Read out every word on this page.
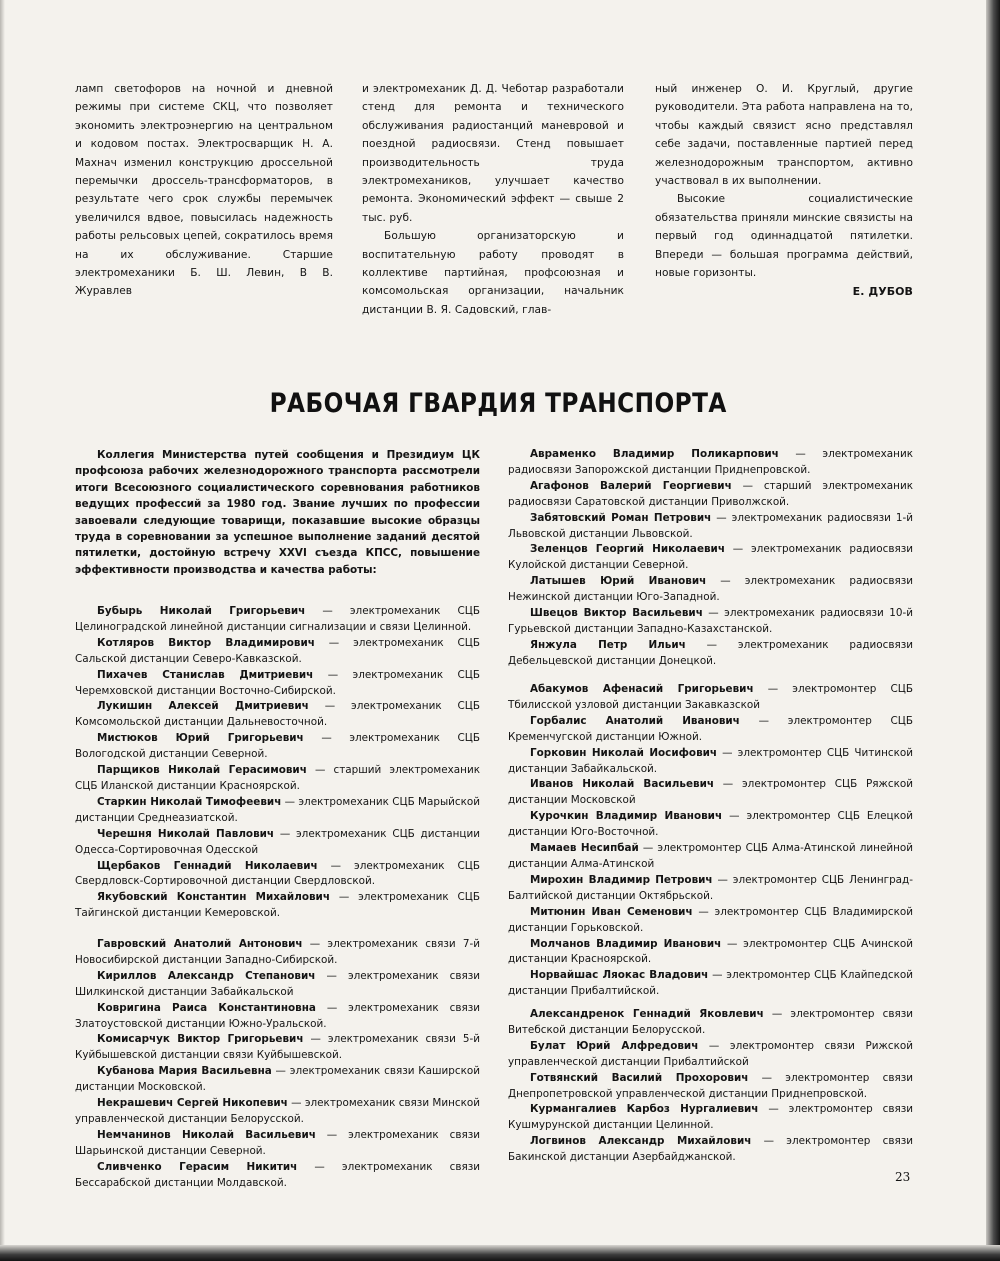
ламп светофоров на ночной и дневной режимы при системе СКЦ, что позволяет экономить электроэнергию на центральном и кодовом постах. Электросварщик Н. А. Махнач изменил конструкцию дроссельной перемычки дроссель-трансформаторов, в результате чего срок службы перемычек увеличился вдвое, повысилась надежность работы рельсовых цепей, сократилось время на их обслуживание. Старшие электромеханики Б. Ш. Левин, В В. Журавлев

и электромеханик Д. Д. Чеботар разработали стенд для ремонта и технического обслуживания радиостанций маневровой и поездной радиосвязи. Стенд повышает производительность труда электромехаников, улучшает качество ремонта. Экономический эффект — свыше 2 тыс. руб.

Большую организаторскую и воспитательную работу проводят в коллективе партийная, профсоюзная и комсомольская организации, начальник дистанции В. Я. Садовский, глав-

ный инженер О. И. Круглый, другие руководители. Эта работа направлена на то, чтобы каждый связист ясно представлял себе задачи, поставленные партией перед железнодорожным транспортом, активно участвовал в их выполнении.

Высокие социалистические обязательства приняли минские связисты на первый год одиннадцатой пятилетки. Впереди — большая программа действий, новые горизонты.

Е. ДУБОВ
РАБОЧАЯ ГВАРДИЯ ТРАНСПОРТА

Коллегия Министерства путей сообщения и Президиум ЦК профсоюза рабочих железнодорожного транспорта рассмотрели итоги Всесоюзного социалистического соревнования работников ведущих профессий за 1980 год. Звание лучших по профессии завоевали следующие товарищи, показавшие высокие образцы труда в соревновании за успешное выполнение заданий десятой пятилетки, достойную встречу XXVI съезда КПСС, повышение эффективности производства и качества работы:

Бубырь Николай Григорьевич — электромеханик СЦБ Целиноградской линейной дистанции сигнализации и связи Целинной.

Котляров Виктор Владимирович — электромеханик СЦБ Сальской дистанции Северо-Кавказской.

Пихачев Станислав Дмитриевич — электромеханик СЦБ Черемховской дистанции Восточно-Сибирской.

Лукишин Алексей Дмитриевич — электромеханик СЦБ Комсомольской дистанции Дальневосточной.

Мистюков Юрий Григорьевич — электромеханик СЦБ Вологодской дистанции Северной.

Парщиков Николай Герасимович — старший электромеханик СЦБ Иланской дистанции Красноярской.

Старкин Николай Тимофеевич — электромеханик СЦБ Марыйской дистанции Среднеазиатской.

Черешня Николай Павлович — электромеханик СЦБ дистанции Одесса-Сортировочная Одесской

Щербаков Геннадий Николаевич — электромеханик СЦБ Свердловск-Сортировочной дистанции Свердловской.

Якубовский Константин Михайлович — электромеханик СЦБ Тайгинской дистанции Кемеровской.

Гавровский Анатолий Антонович — электромеханик связи 7-й Новосибирской дистанции Западно-Сибирской.

Кириллов Александр Степанович — электромеханик связи Шилкинской дистанции Забайкальской

Ковригина Раиса Константиновна — электромеханик связи Златоустовской дистанции Южно-Уральской.

Комисарчук Виктор Григорьевич — электромеханик связи 5-й Куйбышевской дистанции связи Куйбышевской.

Кубанова Мария Васильевна — электромеханик связи Каширской дистанции Московской.

Некрашевич Сергей Никопевич — электромеханик связи Минской управленческой дистанции Белорусской.

Немчанинов Николай Васильевич — электромеханик связи Шарьинской дистанции Северной.

Сливченко Герасим Никитич — электромеханик связи Бессарабской дистанции Молдавской.

Авраменко Владимир Поликарпович — электромеханик радиосвязи Запорожской дистанции Приднепровской.

Агафонов Валерий Георгиевич — старший электромеханик радиосвязи Саратовской дистанции Приволжской.

Забятовский Роман Петрович — электромеханик радиосвязи 1-й Львовской дистанции Львовской.

Зеленцов Георгий Николаевич — электромеханик радиосвязи Кулойской дистанции Северной.

Латышев Юрий Иванович — электромеханик радиосвязи Нежинской дистанции Юго-Западной.

Швецов Виктор Васильевич — электромеханик радиосвязи 10-й Гурьевской дистанции Западно-Казахстанской.

Янжула Петр Ильич — электромеханик радиосвязи Дебельцевской дистанции Донецкой.

Абакумов Афенасий Григорьевич — электромонтер СЦБ Тбилисской узловой дистанции Закавказской

Горбалис Анатолий Иванович — электромонтер СЦБ Кременчугской дистанции Южной.

Горковин Николай Иосифович — электромонтер СЦБ Читинской дистанции Забайкальской.

Иванов Николай Васильевич — электромонтер СЦБ Ряжской дистанции Московской

Курочкин Владимир Иванович — электромонтер СЦБ Елецкой дистанции Юго-Восточной.

Мамаев Несипбай — электромонтер СЦБ Алма-Атинской линейной дистанции Алма-Атинской

Мирохин Владимир Петрович — электромонтер СЦБ Ленинград-Балтийской дистанции Октябрьской.

Митюнин Иван Семенович — электромонтер СЦБ Владимирской дистанции Горьковской.

Молчанов Владимир Иванович — электромонтер СЦБ Ачинской дистанции Красноярской.

Норвайшас Ляокас Владович — электромонтер СЦБ Клайпедской дистанции Прибалтийской.

Александренок Геннадий Яковлевич — электромонтер связи Витебской дистанции Белорусской.

Булат Юрий Алфредович — электромонтер связи Рижской управленческой дистанции Прибалтийской

Готвянский Василий Прохорович — электромонтер связи Днепропетровской управленческой дистанции Приднепровской.

Курмангалиев Карбоз Нургалиевич — электромонтер связи Кушмурунской дистанции Целинной.

Логвинов Александр Михайлович — электромонтер связи Бакинской дистанции Азербайджанской.

23
